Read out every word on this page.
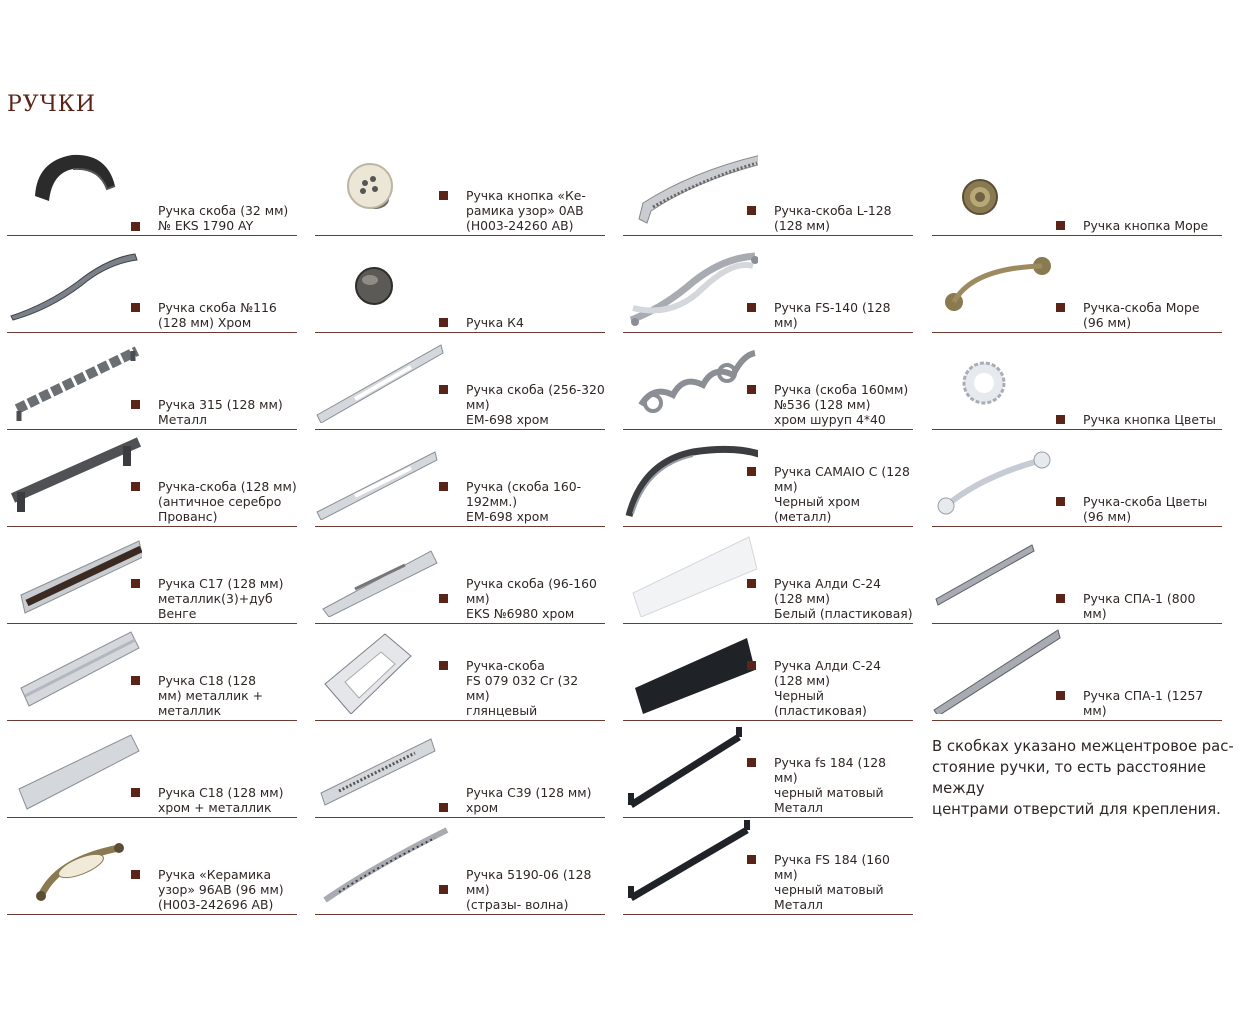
РУЧКИ
Ручка скоба (32 мм)
№ EKS 1790 AY
Ручка кнопка «Ке-
рамика узор» 0AB
(H003-24260 AB)
Ручка-скоба L-128
(128 мм)	Ручка кнопка Море
Ручка скоба №116
(128 мм) Хром	Ручка К4
Ручка FS-140 (128 мм)
Ручка-скоба Море
(96 мм)
Ручка 315 (128 мм)
Металл
Ручка скоба (256-320 мм)
EM-698 хром
Ручка (скоба 160мм)
№536 (128 мм)
хром шуруп 4*40	Ручка кнопка Цветы
Ручка-скоба (128 мм)
(античное серебро
Прованс)
Ручка (скоба 160-192мм.)
EM-698 хром
Ручка CAMAIO C (128 мм)
Черный хром (металл)
Ручка-скоба Цветы
(96 мм)
Ручка C17 (128 мм)
металлик(3)+дуб
Венге
Ручка скоба (96-160 мм)
EKS №6980 хром
Ручка Алди С-24 (128 мм)
Белый (пластиковая)
Ручка СПА-1 (800 мм)
Ручка C18 (128
мм) металлик +
металлик
Ручка-скоба
FS 079 032 Cr (32 мм)
глянцевый
Ручка Алди С-24 (128 мм)
Черный (пластиковая)
Ручка СПА-1 (1257 мм)
Ручка C18 (128 мм)
хром + металлик
Ручка C39 (128 мм)
хром
Ручка fs 184 (128 мм)
черный матовый
Металл

В скобках указано межцентровое рас-
стояние ручки, то есть расстояние между
центрами отверстий для крепления.

Ручка «Керамика
узор» 96AB (96 мм)
(H003-242696 AB)
Ручка 5190-06 (128 мм)
(стразы- волна)
Ручка FS 184 (160 мм)
черный матовый
Металл
